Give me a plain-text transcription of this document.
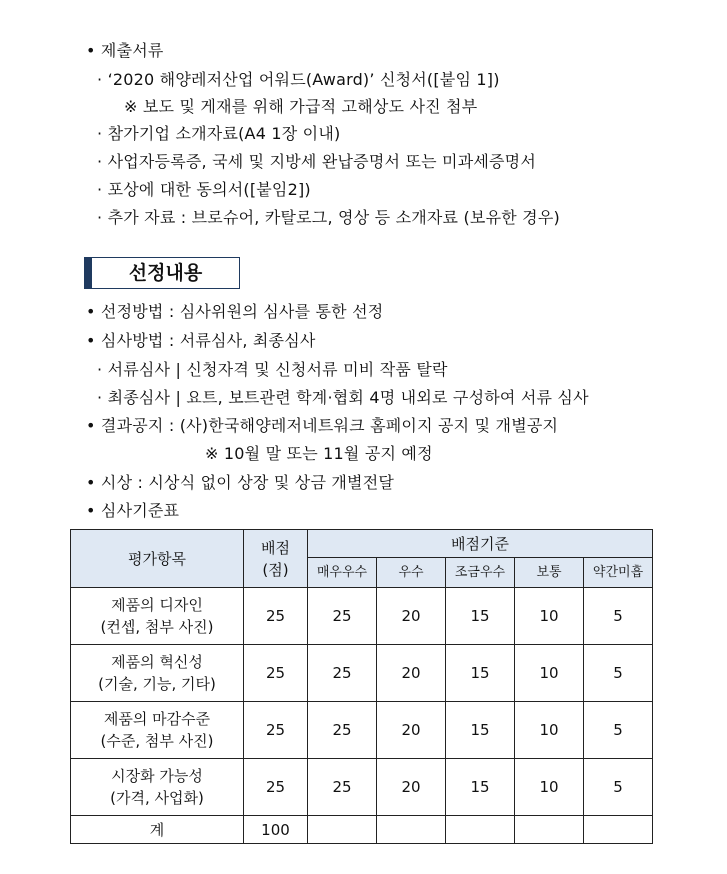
• 제출서류
· ‘2020 해양레저산업 어워드(Award)’ 신청서([붙임 1])
※ 보도 및 게재를 위해 가급적 고해상도 사진 첨부
· 참가기업 소개자료(A4 1장 이내)
· 사업자등록증, 국세 및 지방세 완납증명서 또는 미과세증명서
· 포상에 대한 동의서([붙임2])
· 추가 자료 : 브로슈어, 카탈로그, 영상 등 소개자료 (보유한 경우)
선정내용
• 선정방법 : 심사위원의 심사를 통한 선정
• 심사방법 : 서류심사, 최종심사
· 서류심사 | 신청자격 및 신청서류 미비 작품 탈락
· 최종심사 | 요트, 보트관련 학계·협회 4명 내외로 구성하여 서류 심사
• 결과공지 : (사)한국해양레저네트워크 홈페이지 공지 및 개별공지
※ 10월 말 또는 11월 공지 예정
• 시상 : 시상식 없이 상장 및 상금 개별전달
• 심사기준표
평가항목	배점
(점)	배점기준				
		매우우수	우수	조금우수	보통	약간미흡

제품의 디자인
(컨셉, 첨부 사진)	25	25	20	15	10	5

제품의 혁신성
(기술, 기능, 기타)	25	25	20	15	10	5

제품의 마감수준
(수준, 첨부 사진)	25	25	20	15	10	5

시장화 가능성
(가격, 사업화)	25	25	20	15	10	5
계	100					
